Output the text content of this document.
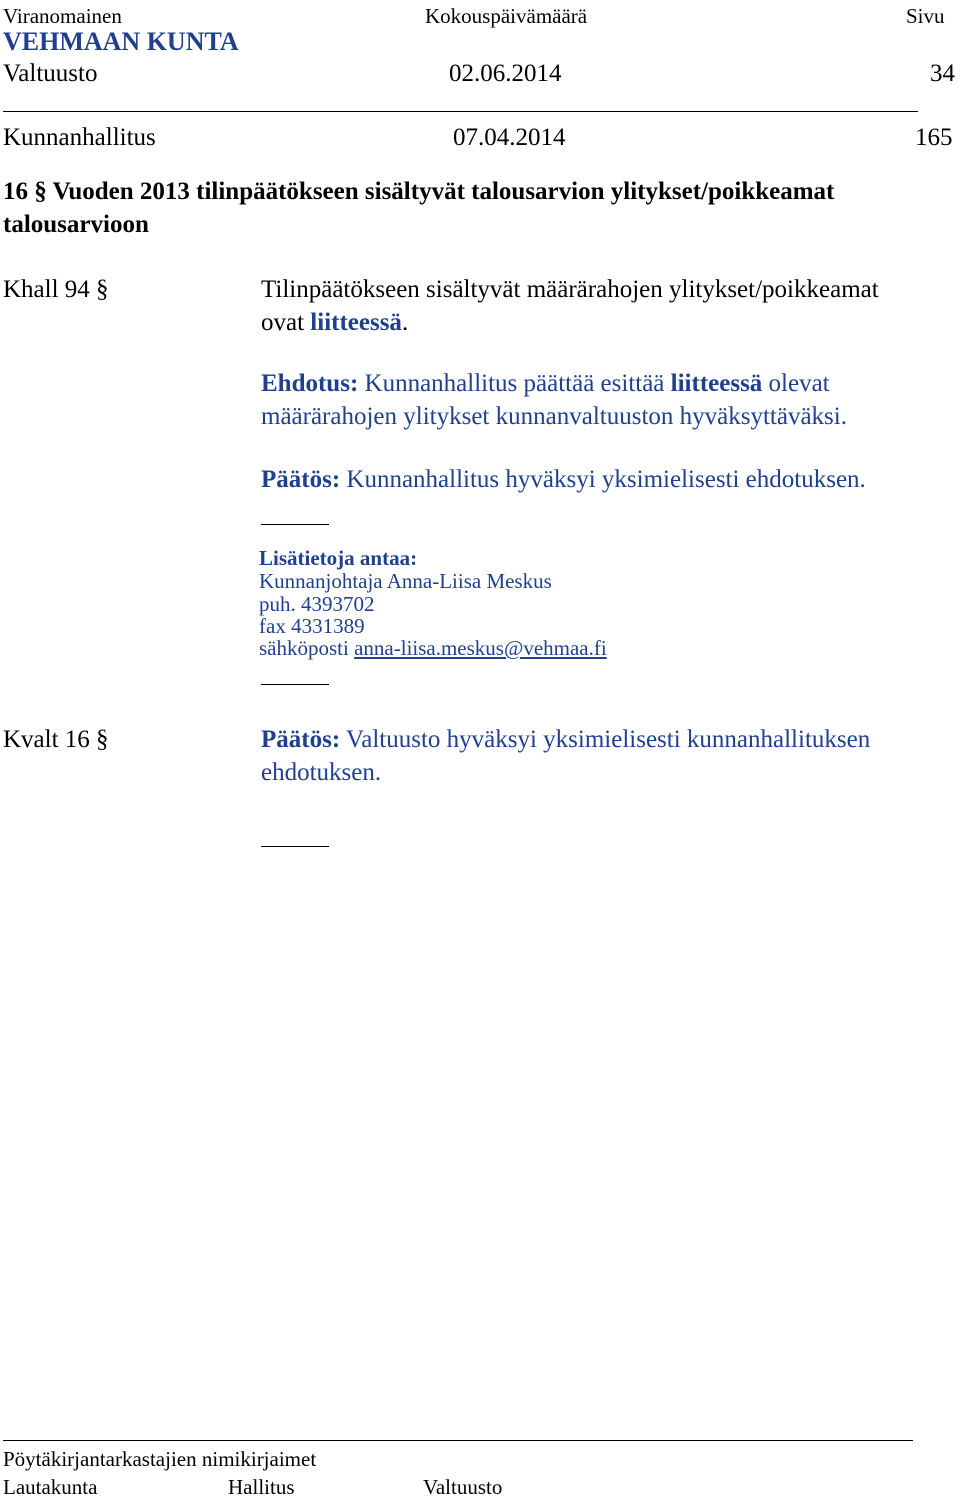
Viranomainen	Kokouspäivämäärä	Sivu
VEHMAAN KUNTA
Valtuusto	02.06.2014	34
Kunnanhallitus	07.04.2014	165
16 § Vuoden 2013 tilinpäätökseen sisältyvät talousarvion ylitykset/poikkeamat
talousarvioon
Khall 94 §	Tilinpäätökseen sisältyvät määrärahojen ylitykset/poikkeamat
ovat liitteessä.
Ehdotus: Kunnanhallitus päättää esittää liitteessä olevat
määrärahojen ylitykset kunnanvaltuuston hyväksyttäväksi.
Päätös: Kunnanhallitus hyväksyi yksimielisesti ehdotuksen.
Lisätietoja antaa:
Kunnanjohtaja Anna-Liisa Meskus
puh. 4393702
fax 4331389
sähköposti anna-liisa.meskus@vehmaa.fi
Kvalt 16 §	Päätös: Valtuusto hyväksyi yksimielisesti kunnanhallituksen
ehdotuksen.
Pöytäkirjantarkastajien nimikirjaimet
Lautakunta	Hallitus	Valtuusto
